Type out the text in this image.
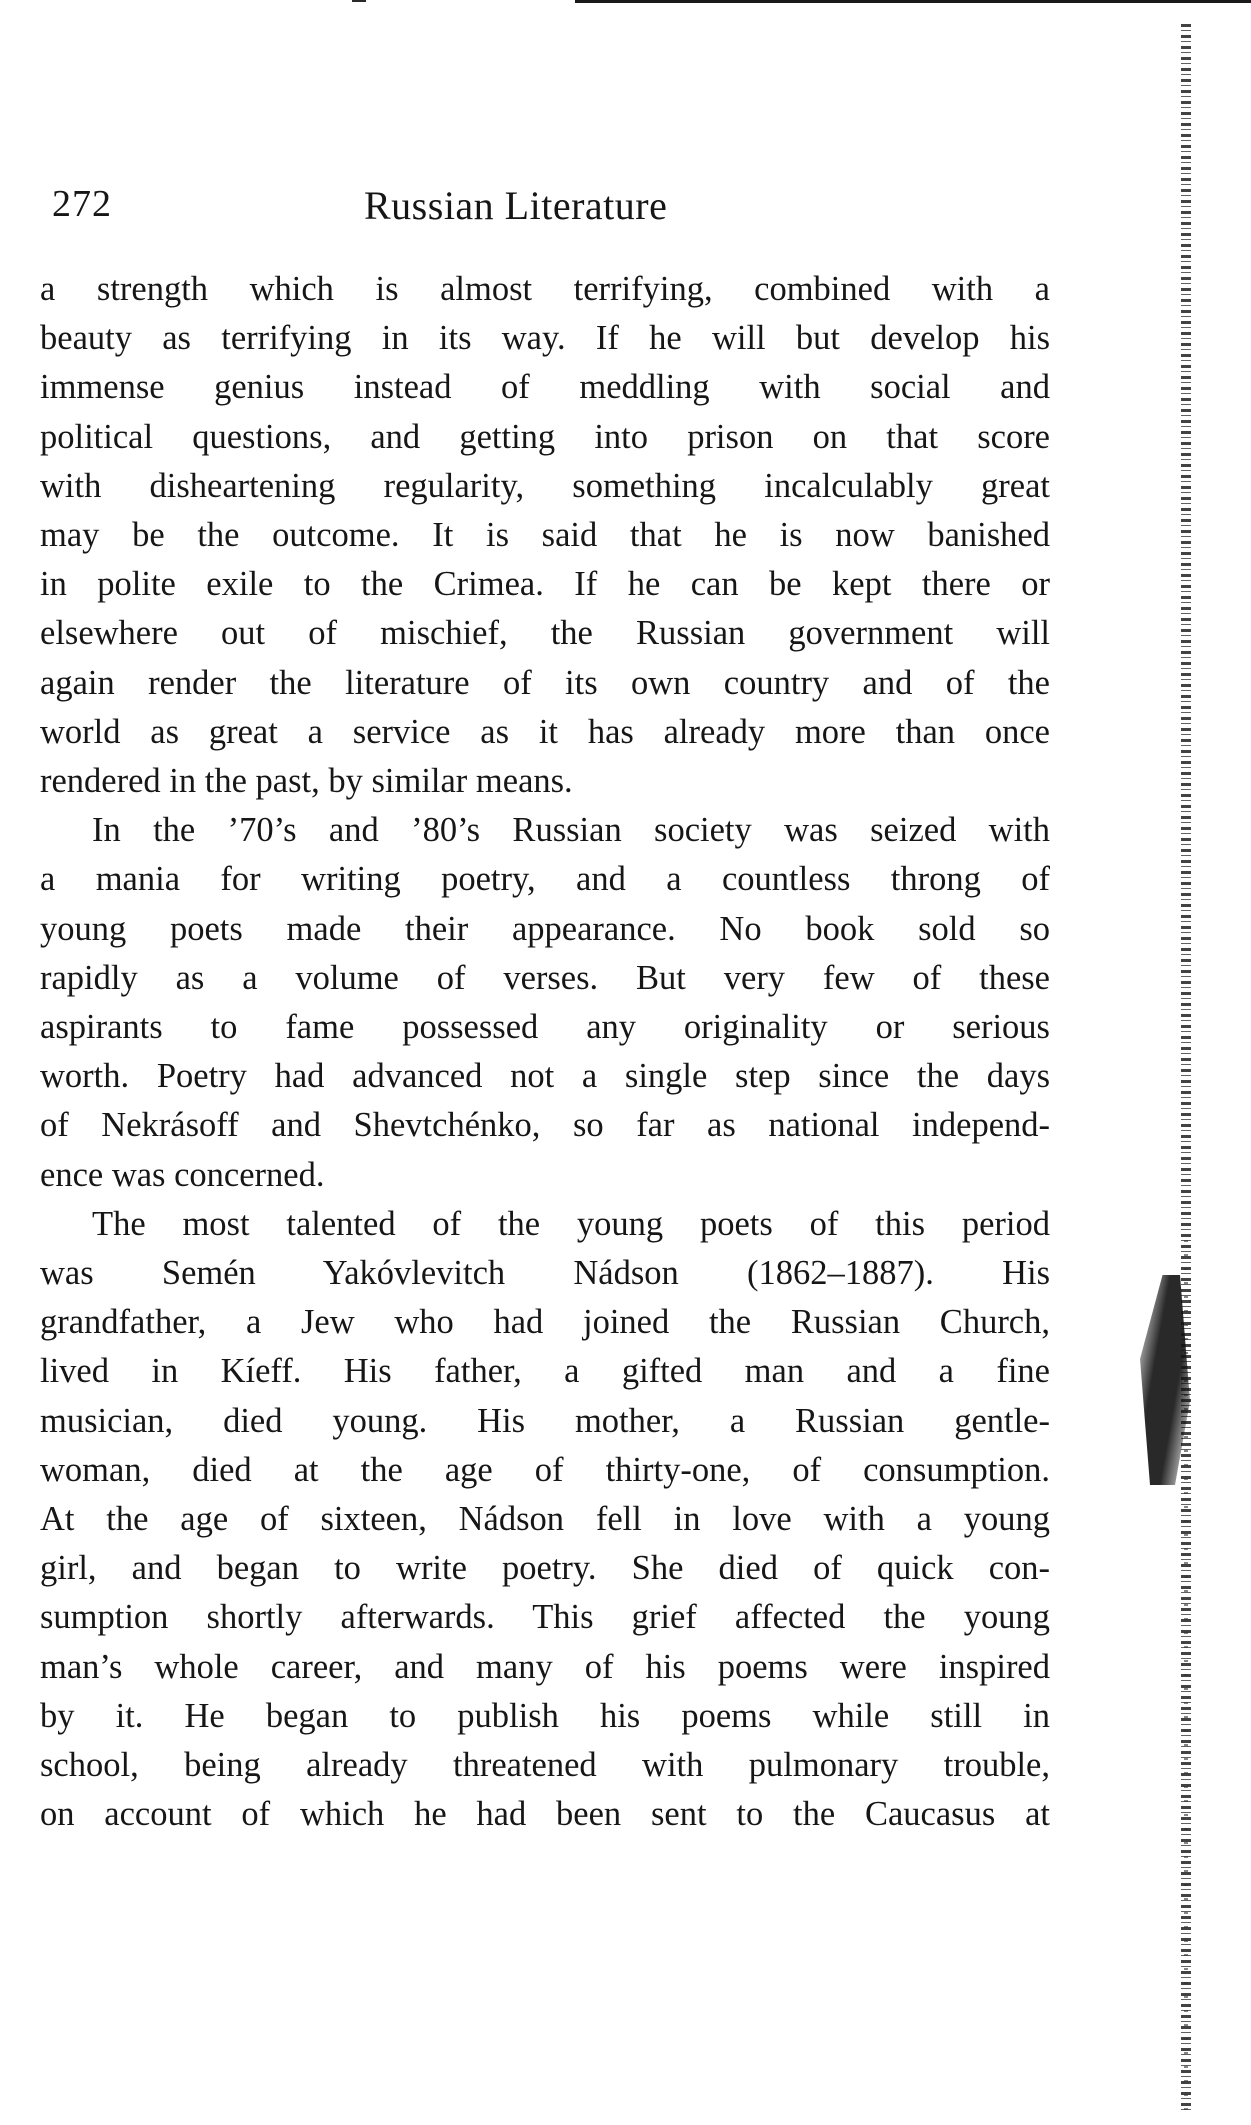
272	Russian Literature
a strength which is almost terrifying, combined with a
beauty as terrifying in its way. If he will but develop his
immense genius instead of meddling with social and
political questions, and getting into prison on that score
with disheartening regularity, something incalculably great
may be the outcome. It is said that he is now banished
in polite exile to the Crimea. If he can be kept there or
elsewhere out of mischief, the Russian government will
again render the literature of its own country and of the
world as great a service as it has already more than once
rendered in the past, by similar means.
In the ’70’s and ’80’s Russian society was seized with
a mania for writing poetry, and a countless throng of
young poets made their appearance. No book sold so
rapidly as a volume of verses. But very few of these
aspirants to fame possessed any originality or serious
worth. Poetry had advanced not a single step since the days
of Nekrásoff and Shevtchénko, so far as national independ-
ence was concerned.
The most talented of the young poets of this period
was Semén Yakóvlevitch Nádson (1862–1887). His
grandfather, a Jew who had joined the Russian Church,
lived in Kíeff. His father, a gifted man and a fine
musician, died young. His mother, a Russian gentle-
woman, died at the age of thirty-one, of consumption.
At the age of sixteen, Nádson fell in love with a young
girl, and began to write poetry. She died of quick con-
sumption shortly afterwards. This grief affected the young
man’s whole career, and many of his poems were inspired
by it. He began to publish his poems while still in
school, being already threatened with pulmonary trouble,
on account of which he had been sent to the Caucasus at
